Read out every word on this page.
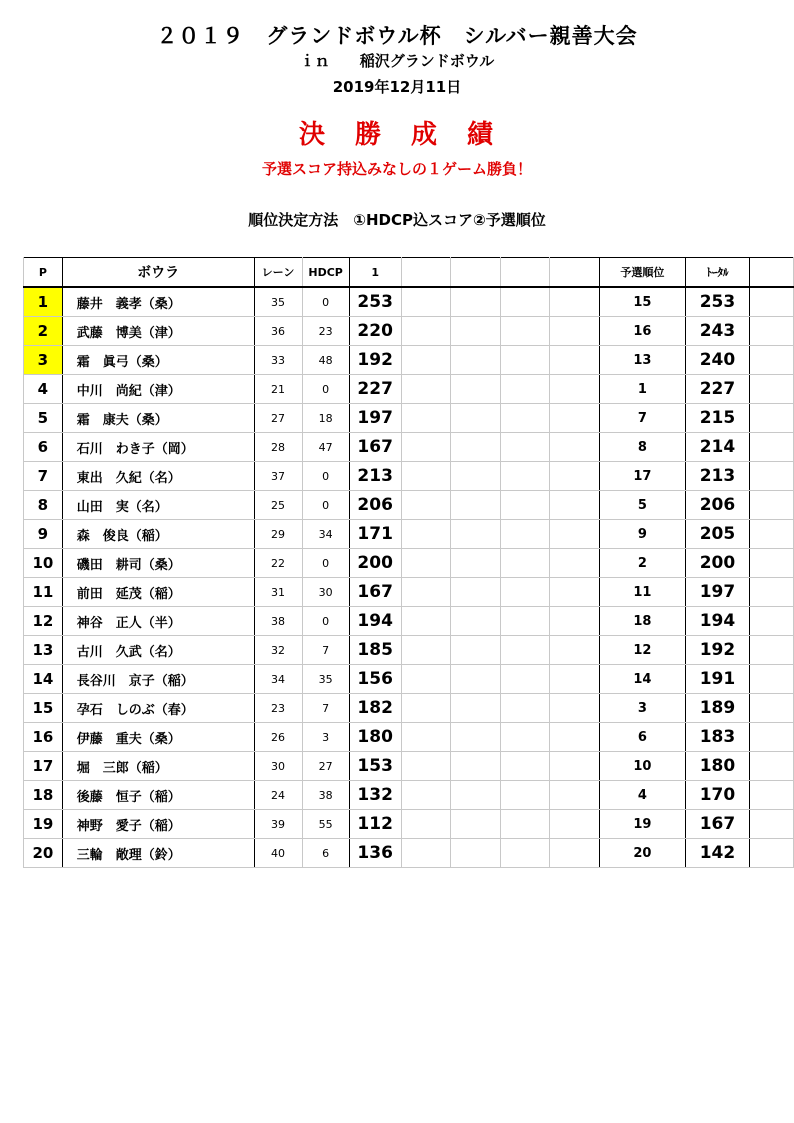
２０１９　グランドボウル杯　シルバー親善大会
ｉｎ　　稲沢グランドボウル
2019年12月11日
決　勝　成　績
予選スコア持込みなしの１ゲーム勝負！
順位決定方法　①HDCP込スコア②予選順位
P	ボウラ	レーン	HDCP	1					予選順位	ﾄｰﾀﾙ	
1	藤井　義孝（桑）	35	0	253					15	253	
2	武藤　博美（津）	36	23	220					16	243	
3	霜　眞弓（桑）	33	48	192					13	240	
4	中川　尚紀（津）	21	0	227					1	227	
5	霜　康夫（桑）	27	18	197					7	215	
6	石川　わき子（岡）	28	47	167					8	214	
7	東出　久紀（名）	37	0	213					17	213	
8	山田　実（名）	25	0	206					5	206	
9	森　俊良（稲）	29	34	171					9	205	
10	磯田　耕司（桑）	22	0	200					2	200	
11	前田　延茂（稲）	31	30	167					11	197	
12	神谷　正人（半）	38	0	194					18	194	
13	古川　久武（名）	32	7	185					12	192	
14	長谷川　京子（稲）	34	35	156					14	191	
15	孕石　しのぶ（春）	23	7	182					3	189	
16	伊藤　重夫（桑）	26	3	180					6	183	
17	堀　三郎（稲）	30	27	153					10	180	
18	後藤　恒子（稲）	24	38	132					4	170	
19	神野　愛子（稲）	39	55	112					19	167	
20	三輪　敞理（鈴）	40	6	136					20	142	
